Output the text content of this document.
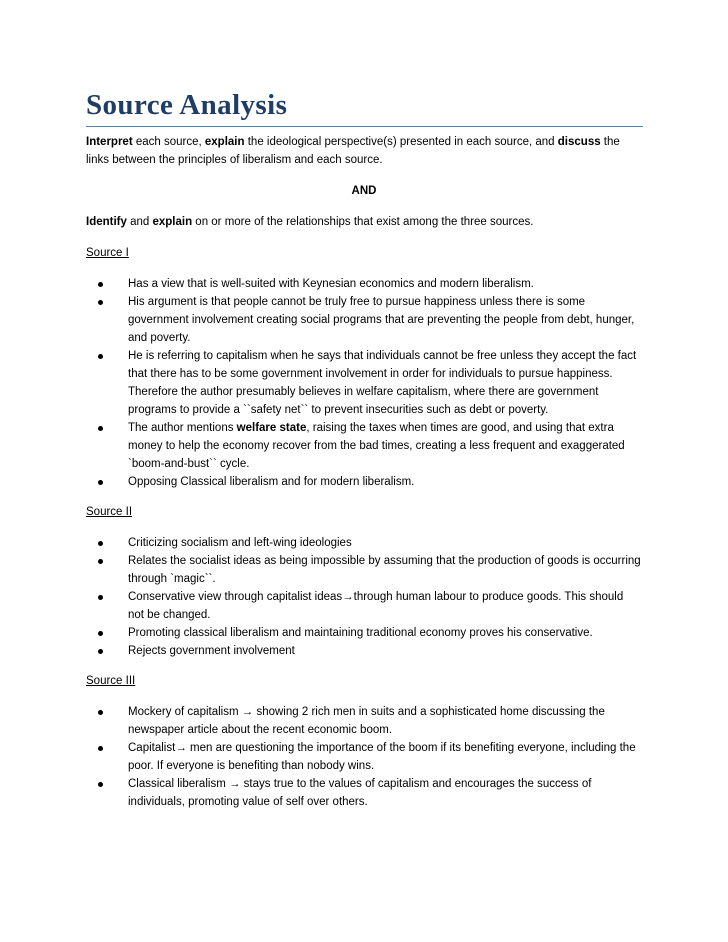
Source Analysis

Interpret each source, explain the ideological perspective(s) presented in each source, and discuss the links between the principles of liberalism and each source.

AND

Identify and explain on or more of the relationships that exist among the three sources.

Source I

Has a view that is well-suited with Keynesian economics and modern liberalism.
His argument is that people cannot be truly free to pursue happiness unless there is some government involvement creating social programs that are preventing the people from debt, hunger, and poverty.
He is referring to capitalism when he says that individuals cannot be free unless they accept the fact that there has to be some government involvement in order for individuals to pursue happiness. Therefore the author presumably believes in welfare capitalism, where there are government programs to provide a ``safety net`` to prevent insecurities such as debt or poverty.
The author mentions welfare state, raising the taxes when times are good, and using that extra money to help the economy recover from the bad times, creating a less frequent and exaggerated `boom-and-bust`` cycle.
Opposing Classical liberalism and for modern liberalism.

Source II

Criticizing socialism and left-wing ideologies
Relates the socialist ideas as being impossible by assuming that the production of goods is occurring through `magic``.
Conservative view through capitalist ideas→through human labour to produce goods. This should not be changed.
Promoting classical liberalism and maintaining traditional economy proves his conservative.
Rejects government involvement

Source III

Mockery of capitalism → showing 2 rich men in suits and a sophisticated home discussing the newspaper article about the recent economic boom.
Capitalist→ men are questioning the importance of the boom if its benefiting everyone, including the poor. If everyone is benefiting than nobody wins.
Classical liberalism → stays true to the values of capitalism and encourages the success of individuals, promoting value of self over others.
